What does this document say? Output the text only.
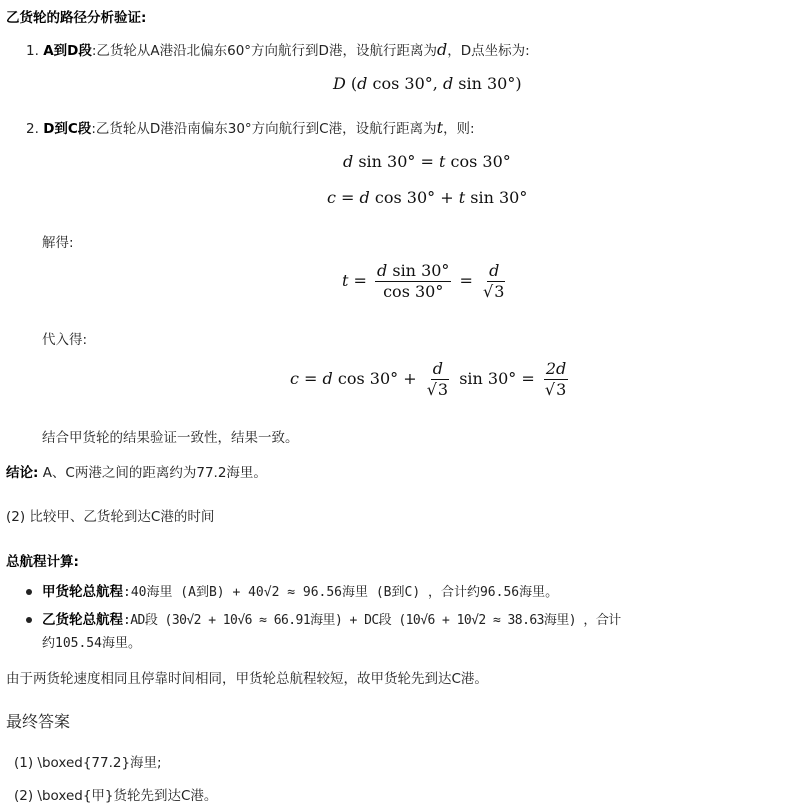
乙货轮的路径分析验证:
1. A到D段:乙货轮从A港沿北偏东60°方向航行到D港，设航行距离为d，D点坐标为:
D (d cos 30°, d sin 30°)
2. D到C段:乙货轮从D港沿南偏东30°方向航行到C港，设航行距离为t，则:
d sin 30° = t cos 30°
c = d cos 30° + t sin 30°
解得:
$t = \frac{\text{d sin 30°}}{\cos 30^\circ} = \frac{d}{√3}$
代入得:
c = d $\cos 30^\circ + \frac{d}{√3}$ $\sin 30^\circ = \frac{2d}{√3}$
结合甲货轮的结果验证一致性，结果一致。
结论: A、C两港之间的距离约为77.2海里。
(2) 比较甲、乙货轮到达C港的时间
总航程计算:
甲货轮总航程:40海里 (A到B) + 40√2 ≈ 96.56海里 (B到C) ，合计约96.56海里。
乙货轮总航程:AD段 (30√2 + 10√6 ≈ 66.91海里) + DC段 (10√6 + 10√2 ≈ 38.63海里) ，合计
约105.54海里。
由于两货轮速度相同且停靠时间相同，甲货轮总航程较短，故甲货轮先到达C港。
最终答案
(1) \boxed{77.2}海里;
(2) \boxed{甲}货轮先到达C港。
